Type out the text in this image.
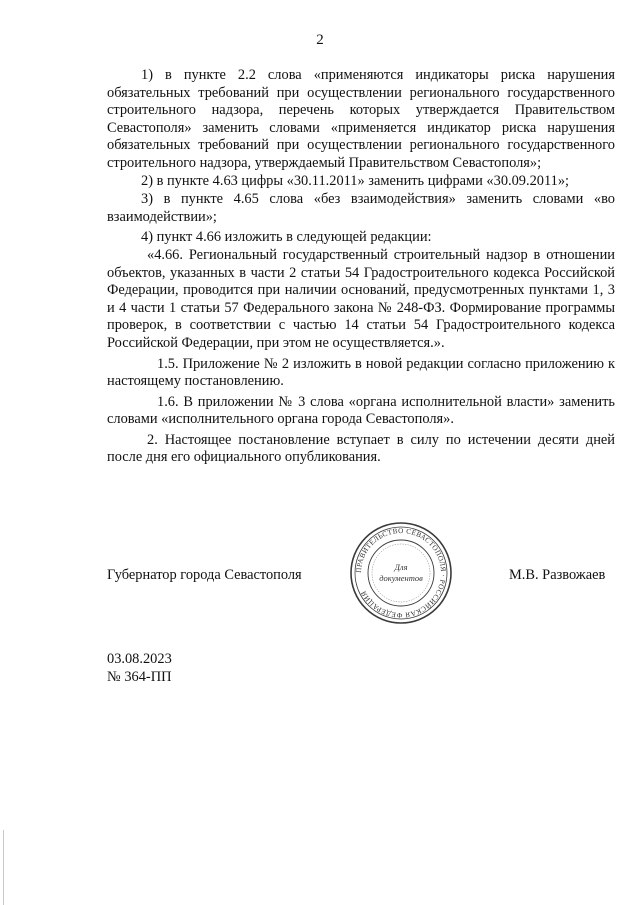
2

1) в пункте 2.2 слова «применяются индикаторы риска нарушения обязательных требований при осуществлении регионального государственного строительного надзора, перечень которых утверждается Правительством Севастополя» заменить словами «применяется индикатор риска нарушения обязательных требований при осуществлении регионального государственного строительного надзора, утверждаемый Правительством Севастополя»;

2) в пункте 4.63 цифры «30.11.2011» заменить цифрами «30.09.2011»;

3) в пункте 4.65 слова «без взаимодействия» заменить словами «во взаимодействии»;

4) пункт 4.66 изложить в следующей редакции:

«4.66. Региональный государственный строительный надзор в отношении объектов, указанных в части 2 статьи 54 Градостроительного кодекса Российской Федерации, проводится при наличии оснований, предусмотренных пунктами 1, 3 и 4 части 1 статьи 57 Федерального закона № 248-ФЗ. Формирование программы проверок, в соответствии с частью 14 статьи 54 Градостроительного кодекса Российской Федерации, при этом не осуществляется.».

1.5. Приложение № 2 изложить в новой редакции согласно приложению к настоящему постановлению.

1.6. В приложении № 3 слова «органа исполнительной власти» заменить словами «исполнительного органа города Севастополя».

2. Настоящее постановление вступает в силу по истечении десяти дней после дня его официального опубликования.

Губернатор города Севастополя	М.В. Развожаев
ПРАВИТЕЛЬСТВО СЕВАСТОПОЛЯ · РОССИЙСКАЯ ФЕДЕРАЦИЯ
Для
документов
03.08.2023
№ 364-ПП
